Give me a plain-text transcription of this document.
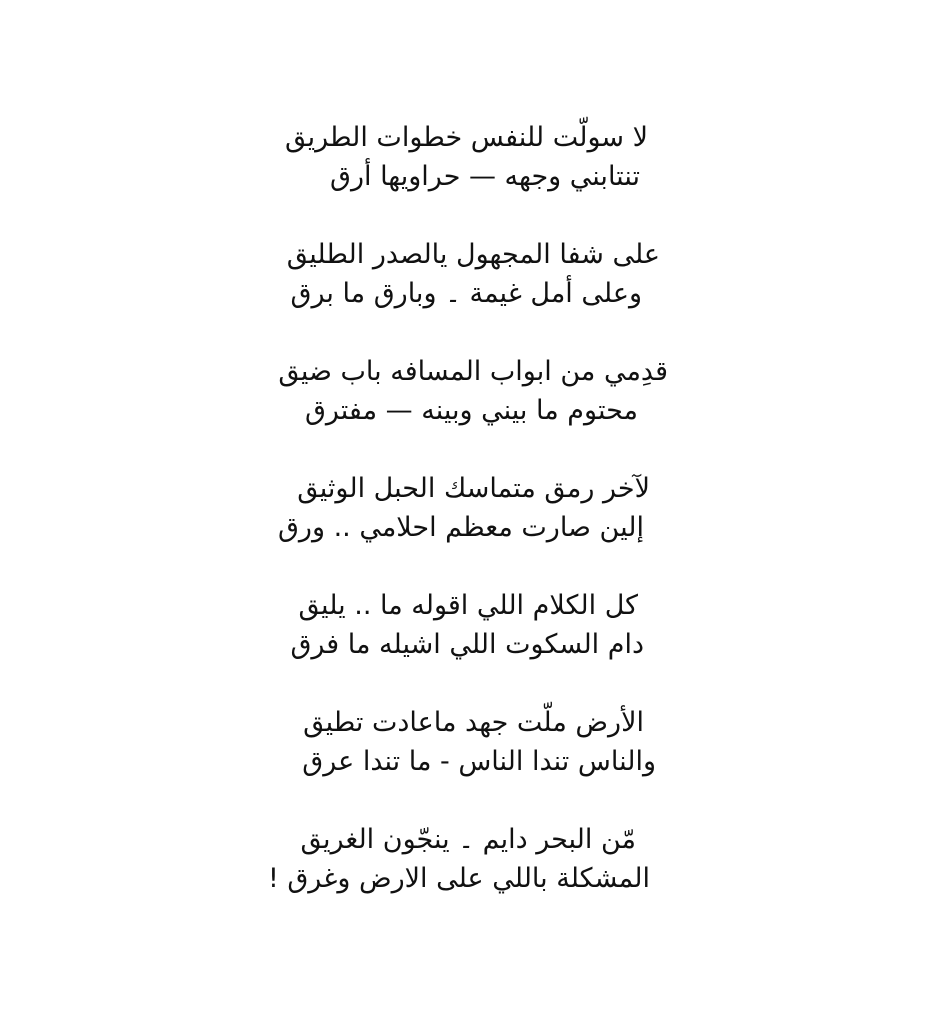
لا سولّت للنفس خطوات الطريق
تنتابني وجهه — حراويها أرق
على شفا المجهول يالصدر الطليق
وعلى أمل غيمة ۔ وبارق ما برق
قدِمي من ابواب المسافه باب ضيق
محتوم ما بيني وبينه — مفترق
لآخر رمق متماسك الحبل الوثيق
إلين صارت معظم احلامي .. ورق
كل الكلام اللي اقوله ما .. يليق
دام السكوت اللي اشيله ما فرق
الأرض ملّت جهد ماعادت تطيق
والناس تندا الناس - ما تندا عرق
مّن البحر دايم ۔ ينجّون الغريق
المشكلة باللي على الارض وغرق !
